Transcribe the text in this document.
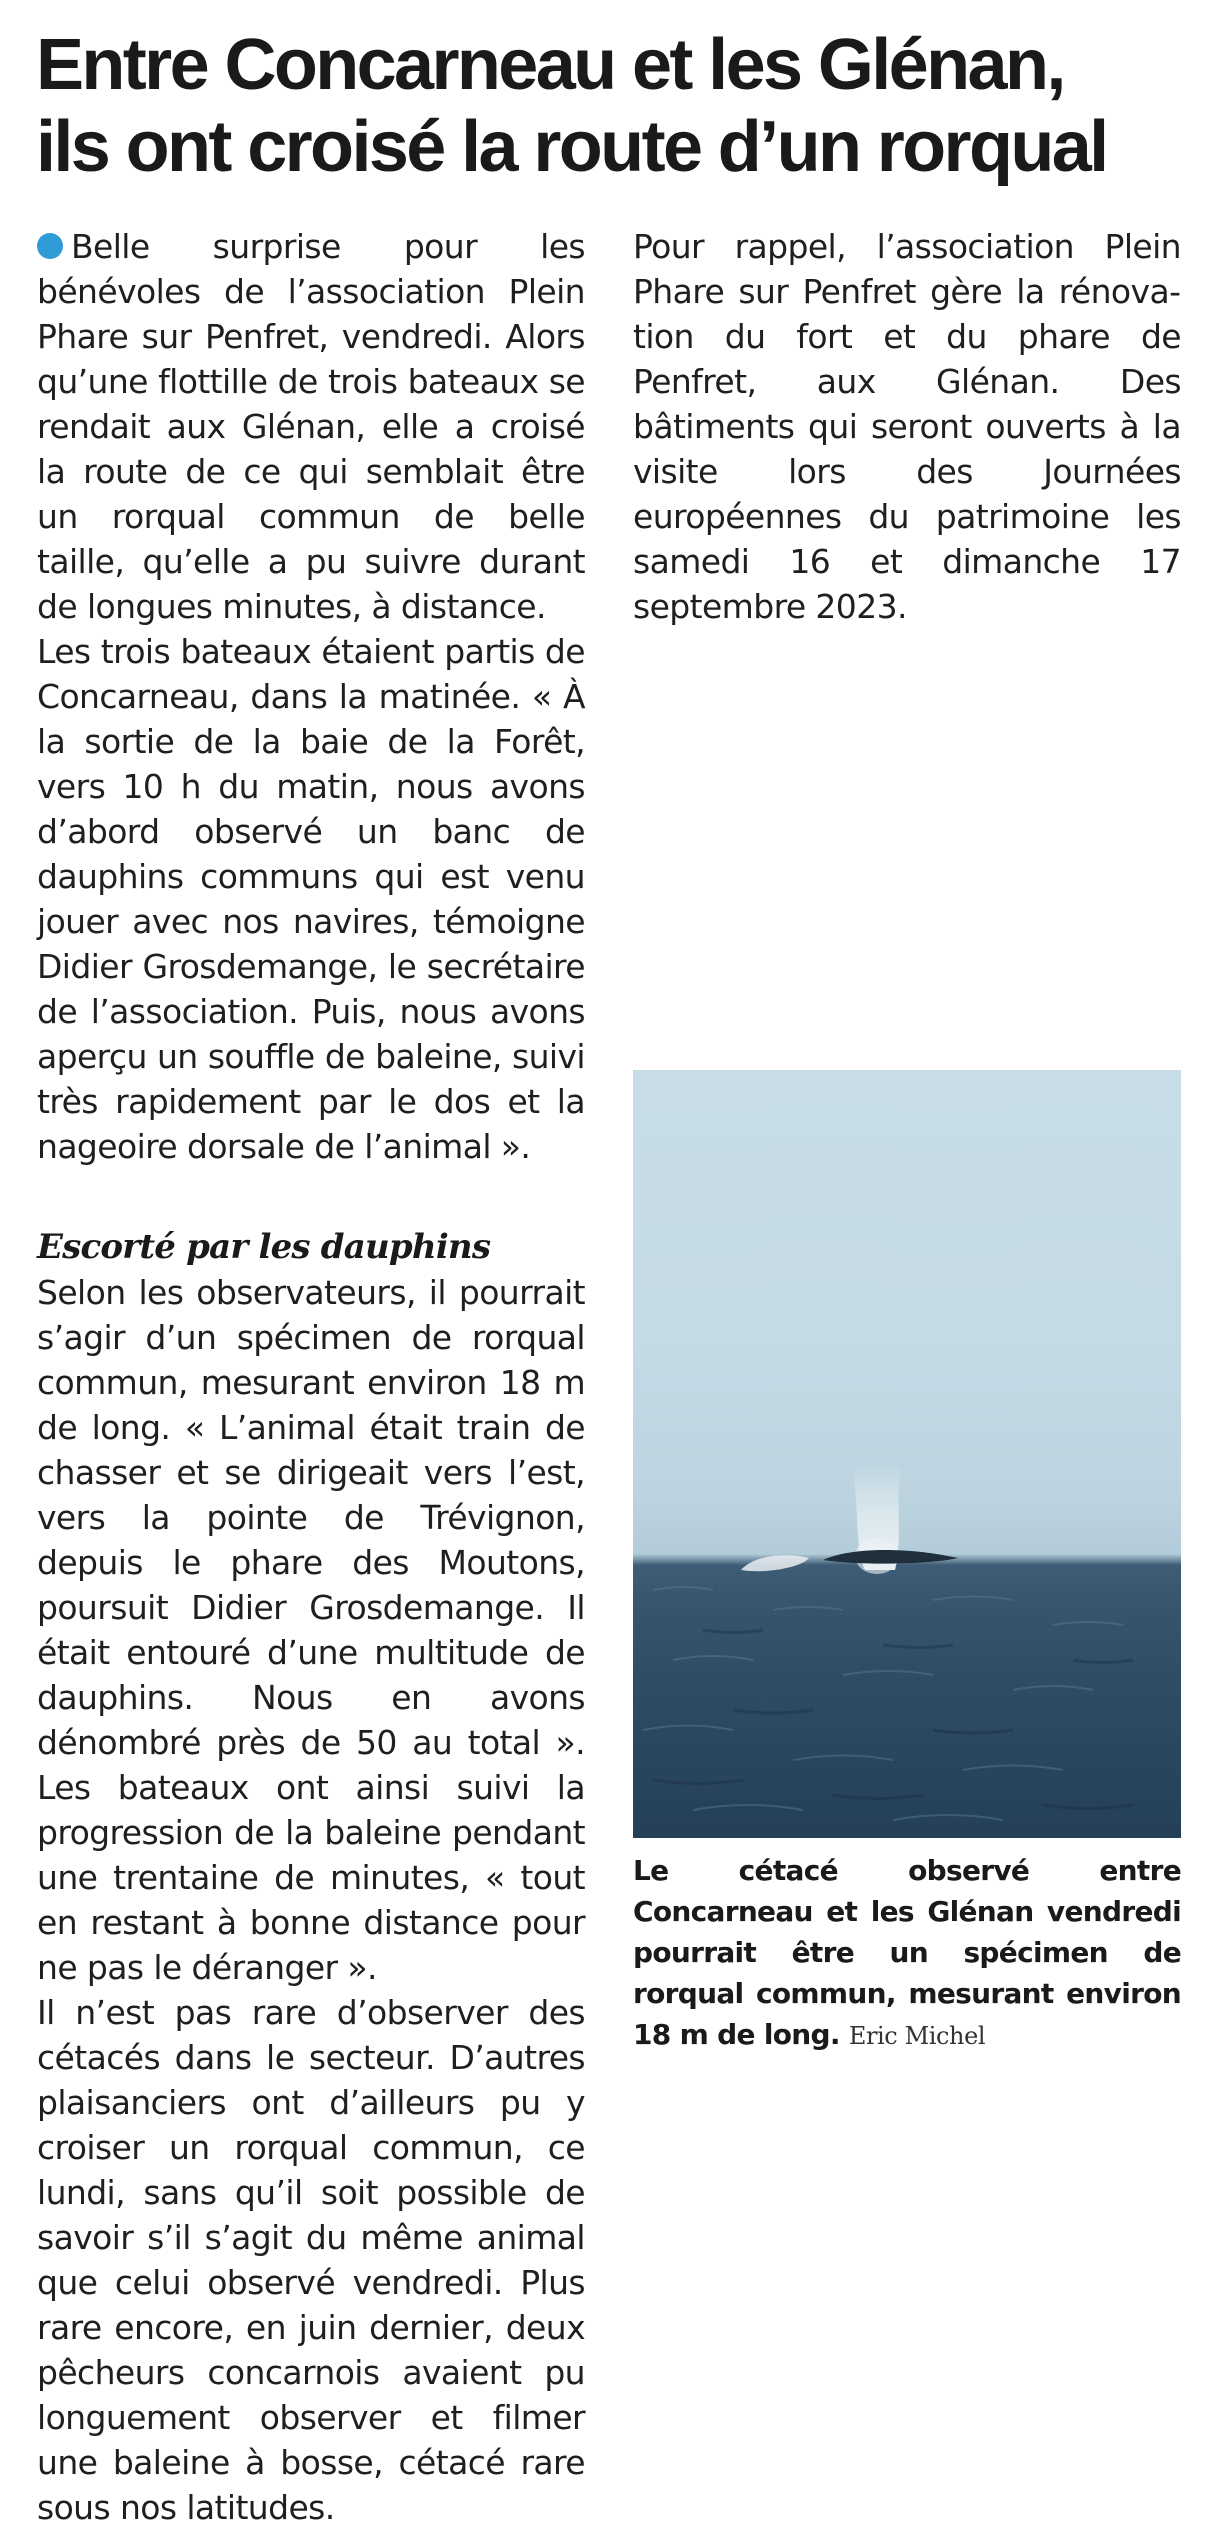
Entre Concarneau et les Glénan,
ils ont croisé la route d’un rorqual

Belle surprise pour les bénévoles de l’association Plein Phare sur Penfret, vendredi. Alors qu’une flottille de trois bateaux se rendait aux Glénan, elle a croisé la route de ce qui semblait être un rorqual commun de belle taille, qu’elle a pu suivre durant de longues minutes, à distance.

Les trois bateaux étaient partis de Concarneau, dans la matinée. « À la sortie de la baie de la Forêt, vers 10 h du matin, nous avons d’abord observé un banc de dauphins communs qui est venu jouer avec nos navires, témoigne Didier Grosdemange, le secrétaire de l’association. Puis, nous avons aperçu un souffle de baleine, suivi très rapidement par le dos et la nageoire dorsale de l’animal ».

Escorté par les dauphins

Selon les observateurs, il pourrait s’agir d’un spécimen de rorqual commun, mesurant environ 18 m de long. « L’animal était train de chasser et se dirigeait vers l’est, vers la pointe de Trévignon, depuis le phare des Moutons, poursuit Didier Grosdemange. Il était entouré d’une multitude de dauphins. Nous en avons dénombré près de 50 au total ». Les bateaux ont ainsi suivi la progression de la baleine pendant une trentaine de minutes, « tout en restant à bonne distance pour ne pas le déranger ».

Il n’est pas rare d’observer des cétacés dans le secteur. D’autres plaisanciers ont d’ailleurs pu y croiser un rorqual commun, ce lundi, sans qu’il soit possible de savoir s’il s’agit du même animal que celui observé vendredi. Plus rare encore, en juin dernier, deux pêcheurs concarnois avaient pu longuement observer et filmer une baleine à bosse, cétacé rare sous nos latitudes.

Pour rappel, l’association Plein Phare sur Penfret gère la rénovation du fort et du phare de Penfret, aux Glénan. Des bâtiments qui seront ouverts à la visite lors des Journées européennes du patrimoine les samedi 16 et dimanche 17 septembre 2023.

Le cétacé observé entre Concarneau et les Glénan vendredi pourrait être un spécimen de rorqual commun, mesurant environ 18 m de long. Eric Michel
